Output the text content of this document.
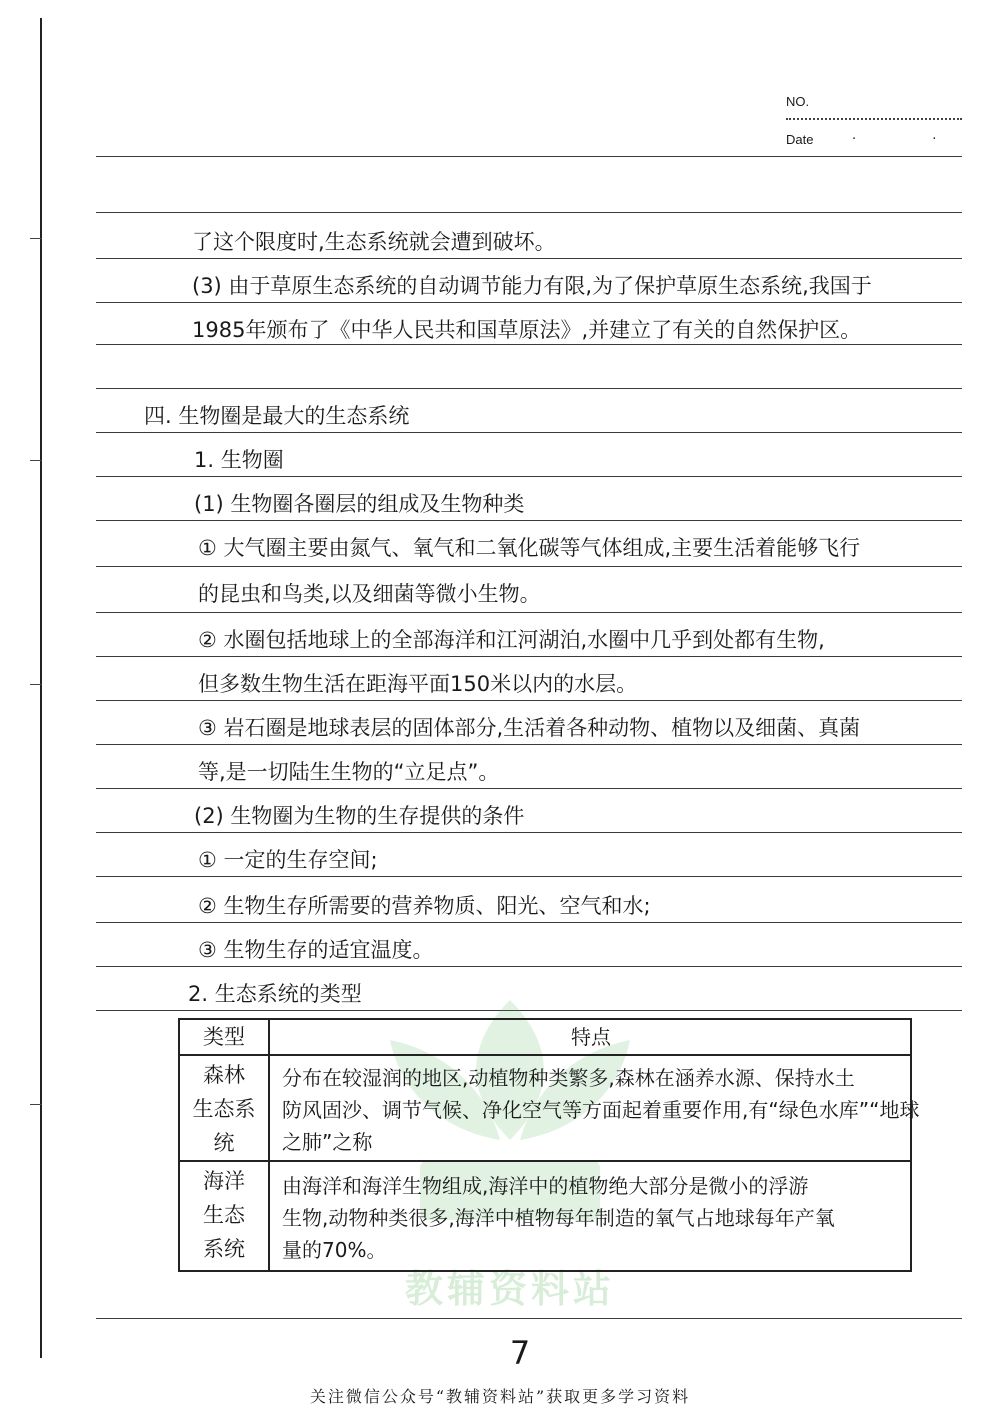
NO.
Date	· ·
教辅资料站
了这个限度时,生态系统就会遭到破坏。
(3) 由于草原生态系统的自动调节能力有限,为了保护草原生态系统,我国于
1985年颁布了《中华人民共和国草原法》,并建立了有关的自然保护区。
四. 生物圈是最大的生态系统
1. 生物圈
(1) 生物圈各圈层的组成及生物种类
① 大气圈主要由氮气、氧气和二氧化碳等气体组成,主要生活着能够飞行
的昆虫和鸟类,以及细菌等微小生物。
② 水圈包括地球上的全部海洋和江河湖泊,水圈中几乎到处都有生物,
但多数生物生活在距海平面150米以内的水层。
③ 岩石圈是地球表层的固体部分,生活着各种动物、植物以及细菌、真菌
等,是一切陆生生物的“立足点”。
(2) 生物圈为生物的生存提供的条件
① 一定的生存空间;
② 生物生存所需要的营养物质、阳光、空气和水;
③ 生物生存的适宜温度。
2. 生态系统的类型
类型	特点
森林
生态系
统
分布在较湿润的地区,动植物种类繁多,森林在涵养水源、保持水土
防风固沙、调节气候、净化空气等方面起着重要作用,有“绿色水库”“地球
之肺”之称
海洋
生态
系统
由海洋和海洋生物组成,海洋中的植物绝大部分是微小的浮游
生物,动物种类很多,海洋中植物每年制造的氧气占地球每年产氧
量的70%。
7
关注微信公众号“教辅资料站”获取更多学习资料
